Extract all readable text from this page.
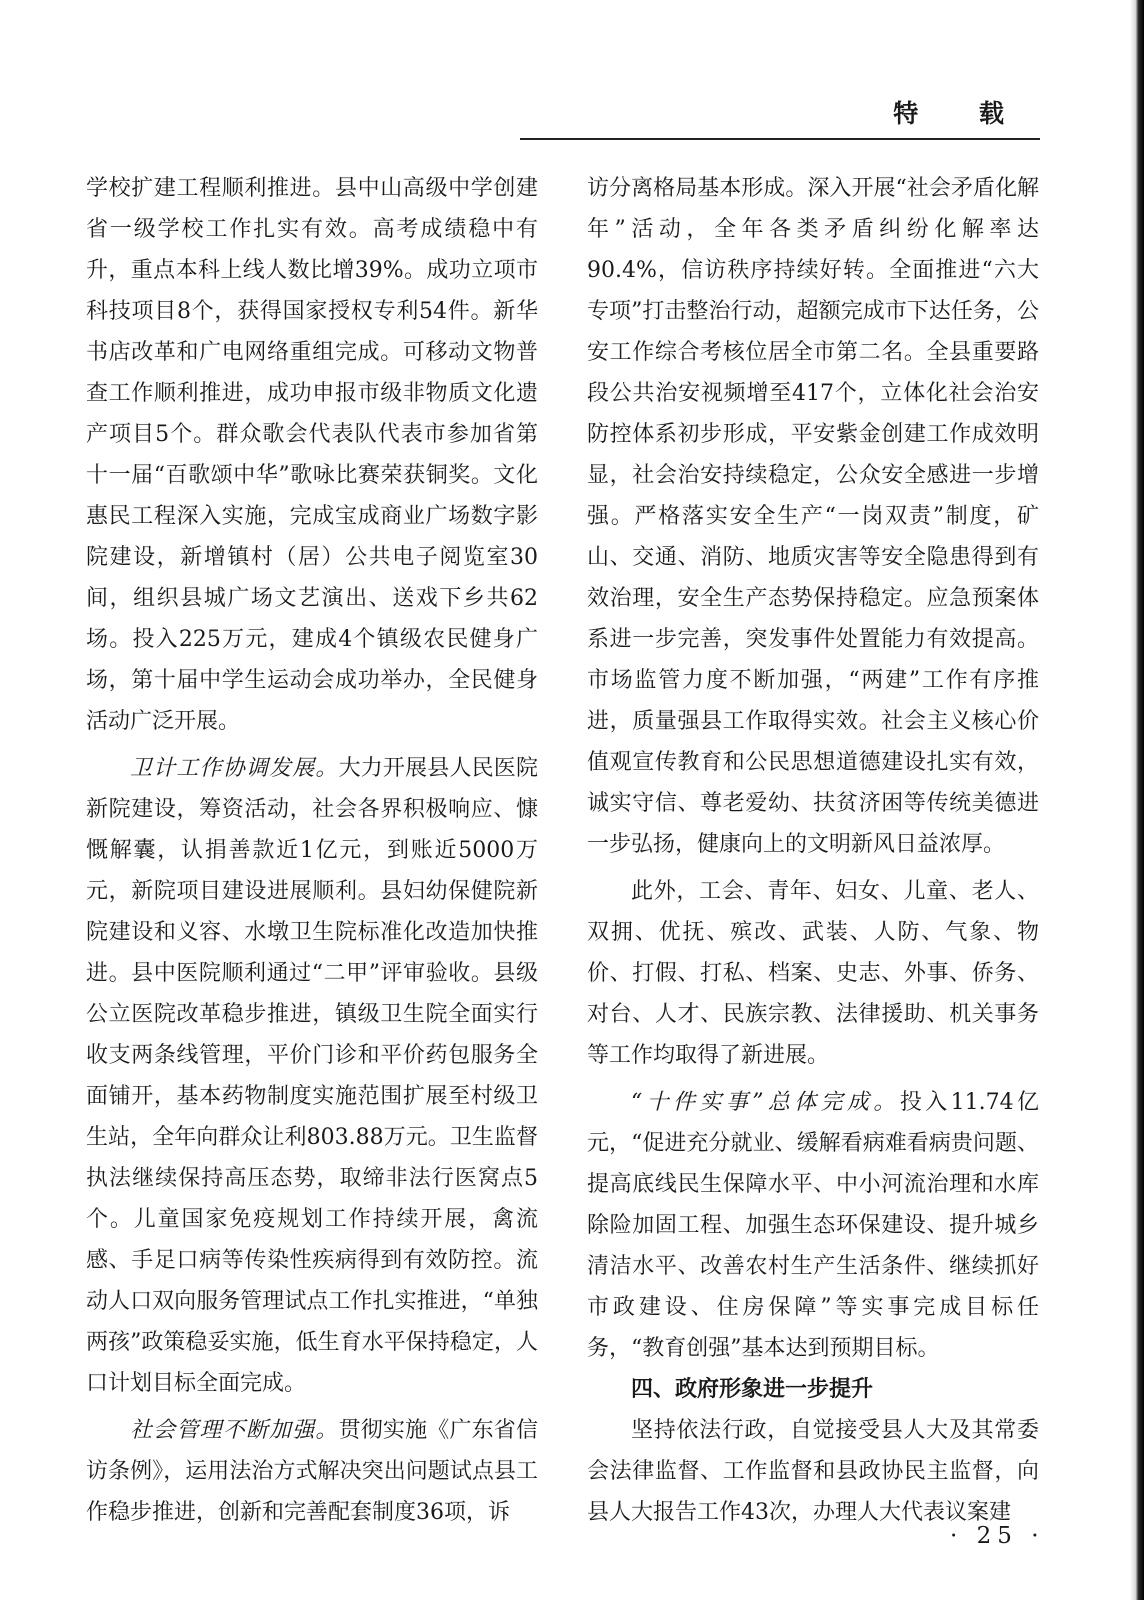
特 载

学校扩建工程顺利推进。县中山高级中学创建省一级学校工作扎实有效。高考成绩稳中有升，重点本科上线人数比增39%。成功立项市科技项目8个，获得国家授权专利54件。新华书店改革和广电网络重组完成。可移动文物普查工作顺利推进，成功申报市级非物质文化遗产项目5个。群众歌会代表队代表市参加省第十一届“百歌颂中华”歌咏比赛荣获铜奖。文化惠民工程深入实施，完成宝成商业广场数字影院建设，新增镇村（居）公共电子阅览室30间，组织县城广场文艺演出、送戏下乡共62场。投入225万元，建成4个镇级农民健身广场，第十届中学生运动会成功举办，全民健身活动广泛开展。

卫计工作协调发展。大力开展县人民医院新院建设，筹资活动，社会各界积极响应、慷慨解囊，认捐善款近1亿元，到账近5000万元，新院项目建设进展顺利。县妇幼保健院新院建设和义容、水墩卫生院标准化改造加快推进。县中医院顺利通过“二甲”评审验收。县级公立医院改革稳步推进，镇级卫生院全面实行收支两条线管理，平价门诊和平价药包服务全面铺开，基本药物制度实施范围扩展至村级卫生站，全年向群众让利803.88万元。卫生监督执法继续保持高压态势，取缔非法行医窝点5个。儿童国家免疫规划工作持续开展，禽流感、手足口病等传染性疾病得到有效防控。流动人口双向服务管理试点工作扎实推进，“单独两孩”政策稳妥实施，低生育水平保持稳定，人口计划目标全面完成。

社会管理不断加强。贯彻实施《广东省信访条例》，运用法治方式解决突出问题试点县工作稳步推进，创新和完善配套制度36项，诉

访分离格局基本形成。深入开展“社会矛盾化解年”活动，全年各类矛盾纠纷化解率达90.4%，信访秩序持续好转。全面推进“六大专项”打击整治行动，超额完成市下达任务，公安工作综合考核位居全市第二名。全县重要路段公共治安视频增至417个，立体化社会治安防控体系初步形成，平安紫金创建工作成效明显，社会治安持续稳定，公众安全感进一步增强。严格落实安全生产“一岗双责”制度，矿山、交通、消防、地质灾害等安全隐患得到有效治理，安全生产态势保持稳定。应急预案体系进一步完善，突发事件处置能力有效提高。市场监管力度不断加强，“两建”工作有序推进，质量强县工作取得实效。社会主义核心价值观宣传教育和公民思想道德建设扎实有效，诚实守信、尊老爱幼、扶贫济困等传统美德进一步弘扬，健康向上的文明新风日益浓厚。

此外，工会、青年、妇女、儿童、老人、双拥、优抚、殡改、武装、人防、气象、物价、打假、打私、档案、史志、外事、侨务、对台、人才、民族宗教、法律援助、机关事务等工作均取得了新进展。

“十件实事”总体完成。投入11.74亿元，“促进充分就业、缓解看病难看病贵问题、提高底线民生保障水平、中小河流治理和水库除险加固工程、加强生态环保建设、提升城乡清洁水平、改善农村生产生活条件、继续抓好市政建设、住房保障”等实事完成目标任务，“教育创强”基本达到预期目标。

四、政府形象进一步提升

坚持依法行政，自觉接受县人大及其常委会法律监督、工作监督和县政协民主监督，向县人大报告工作43次，办理人大代表议案建

· 25 ·
